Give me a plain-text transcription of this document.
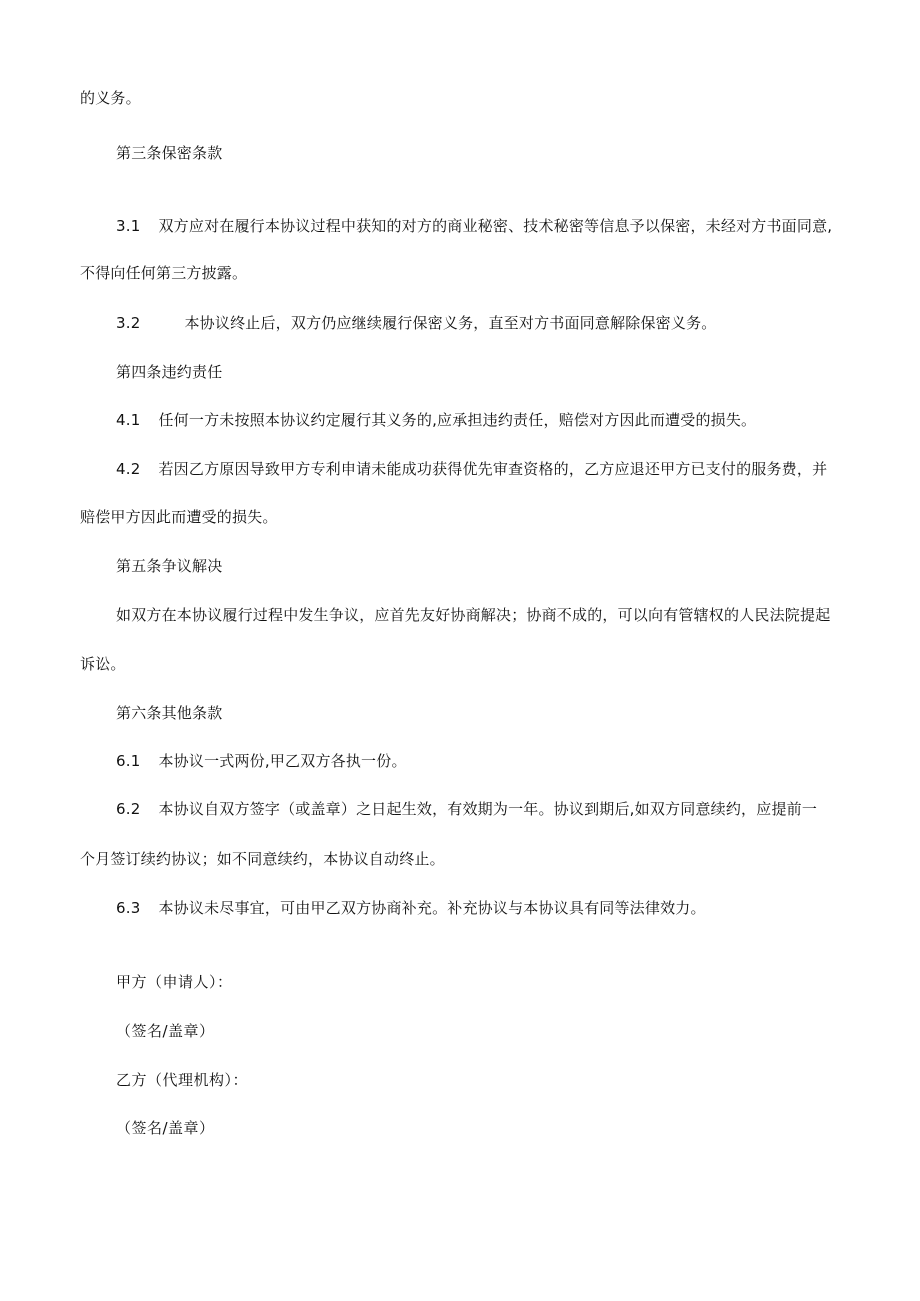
的义务。
第三条保密条款
3.1 双方应对在履行本协议过程中获知的对方的商业秘密、技术秘密等信息予以保密，未经对方书面同意,
不得向任何第三方披露。
3.2	本协议终止后，双方仍应继续履行保密义务，直至对方书面同意解除保密义务。
第四条违约责任
4.1 任何一方未按照本协议约定履行其义务的,应承担违约责任，赔偿对方因此而遭受的损失。
4.2 若因乙方原因导致甲方专利申请未能成功获得优先审查资格的，乙方应退还甲方已支付的服务费，并
赔偿甲方因此而遭受的损失。
第五条争议解决
如双方在本协议履行过程中发生争议，应首先友好协商解决；协商不成的，可以向有管辖权的人民法院提起
诉讼。
第六条其他条款
6.1 本协议一式两份,甲乙双方各执一份。
6.2 本协议自双方签字（或盖章）之日起生效，有效期为一年。协议到期后,如双方同意续约，应提前一
个月签订续约协议；如不同意续约，本协议自动终止。
6.3 本协议未尽事宜，可由甲乙双方协商补充。补充协议与本协议具有同等法律效力。
甲方（申请人）：
（签名/盖章）
乙方（代理机构）：
（签名/盖章）
